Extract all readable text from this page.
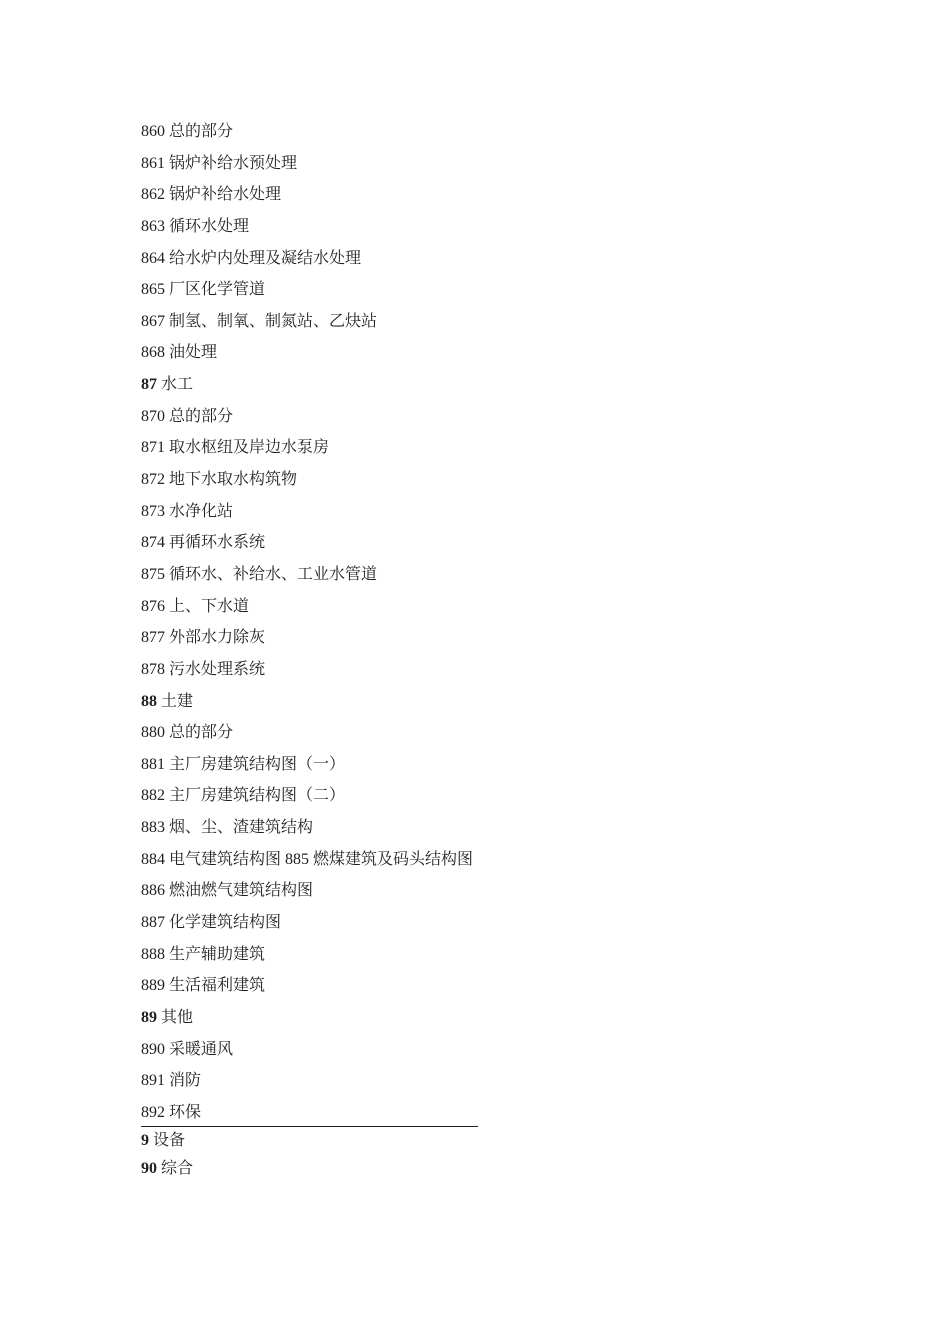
860 总的部分
861 锅炉补给水预处理
862 锅炉补给水处理
863 循环水处理
864 给水炉内处理及凝结水处理
865 厂区化学管道
867 制氢、制氧、制氮站、乙炔站
868 油处理
87 水工
870 总的部分
871 取水枢纽及岸边水泵房
872 地下水取水构筑物
873 水净化站
874 再循环水系统
875 循环水、补给水、工业水管道
876 上、下水道
877 外部水力除灰
878 污水处理系统
88 土建
880 总的部分
881 主厂房建筑结构图（一）
882 主厂房建筑结构图（二）
883 烟、尘、渣建筑结构
884 电气建筑结构图 885 燃煤建筑及码头结构图
886 燃油燃气建筑结构图
887 化学建筑结构图
888 生产辅助建筑
889 生活福利建筑
89 其他
890 采暖通风
891 消防
892 环保
9 设备
90 综合
